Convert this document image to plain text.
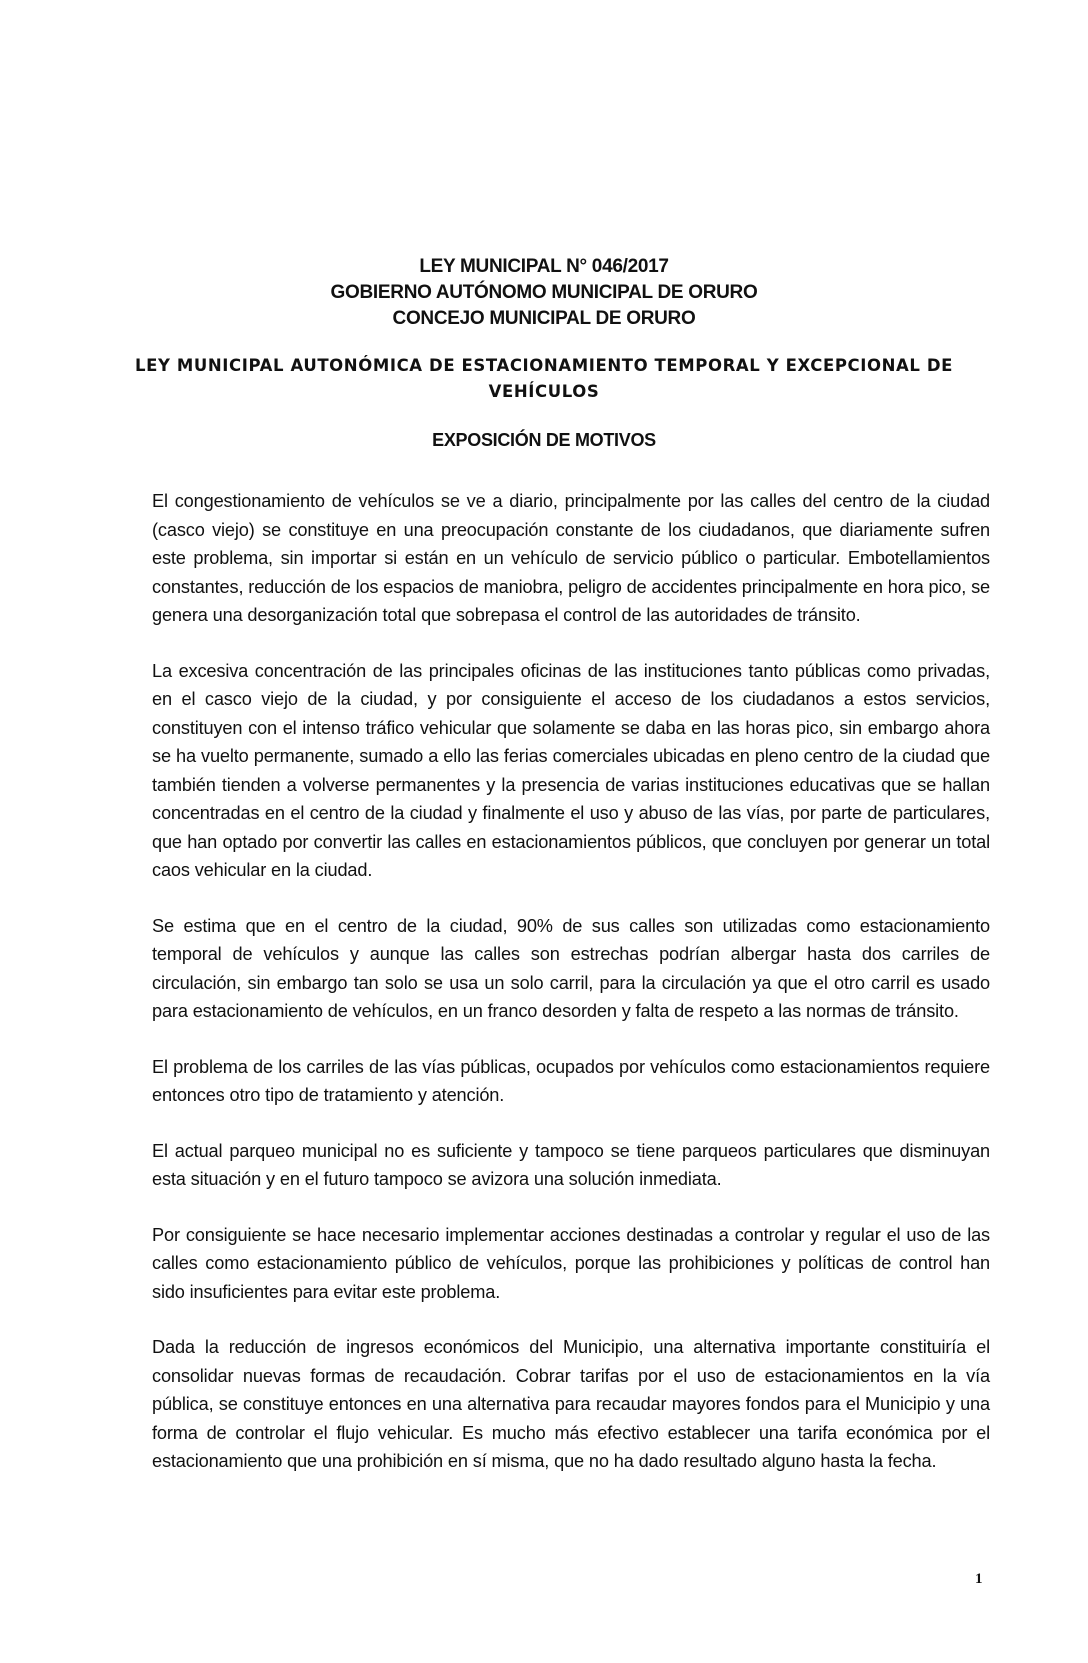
LEY MUNICIPAL N° 046/2017
GOBIERNO AUTÓNOMO MUNICIPAL DE ORURO
CONCEJO MUNICIPAL DE ORURO
LEY MUNICIPAL AUTONÓMICA DE ESTACIONAMIENTO TEMPORAL Y EXCEPCIONAL DE VEHÍCULOS
EXPOSICIÓN DE MOTIVOS

El congestionamiento de vehículos se ve a diario, principalmente por las calles del centro de la ciudad (casco viejo) se constituye en una preocupación constante de los ciudadanos, que diariamente sufren este problema, sin importar si están en un vehículo de servicio público o particular. Embotellamientos constantes, reducción de los espacios de maniobra, peligro de accidentes principalmente en hora pico, se genera una desorganización total que sobrepasa el control de las autoridades de tránsito.

La excesiva concentración de las principales oficinas de las instituciones tanto públicas como privadas, en el casco viejo de la ciudad, y por consiguiente el acceso de los ciudadanos a estos servicios, constituyen con el intenso tráfico vehicular que solamente se daba en las horas pico, sin embargo ahora se ha vuelto permanente, sumado a ello las ferias comerciales ubicadas en pleno centro de la ciudad que también tienden a volverse permanentes y la presencia de varias instituciones educativas que se hallan concentradas en el centro de la ciudad y finalmente el uso y abuso de las vías, por parte de particulares, que han optado por convertir las calles en estacionamientos públicos, que concluyen por generar un total caos vehicular en la ciudad.

Se estima que en el centro de la ciudad, 90% de sus calles son utilizadas como estacionamiento temporal de vehículos y aunque las calles son estrechas podrían albergar hasta dos carriles de circulación, sin embargo tan solo se usa un solo carril, para la circulación ya que el otro carril es usado para estacionamiento de vehículos, en un franco desorden y falta de respeto a las normas de tránsito.

El problema de los carriles de las vías públicas, ocupados por vehículos como estacionamientos requiere entonces otro tipo de tratamiento y atención.

El actual parqueo municipal no es suficiente y tampoco se tiene parqueos particulares que disminuyan esta situación y en el futuro tampoco se avizora una solución inmediata.

Por consiguiente se hace necesario implementar acciones destinadas a controlar y regular el uso de las calles como estacionamiento público de vehículos, porque las prohibiciones y políticas de control han sido insuficientes para evitar este problema.

Dada la reducción de ingresos económicos del Municipio, una alternativa importante constituiría el consolidar nuevas formas de recaudación. Cobrar tarifas por el uso de estacionamientos en la vía pública, se constituye entonces en una alternativa para recaudar mayores fondos para el Municipio y una forma de controlar el flujo vehicular. Es mucho más efectivo establecer una tarifa económica por el estacionamiento que una prohibición en sí misma, que no ha dado resultado alguno hasta la fecha.

1
